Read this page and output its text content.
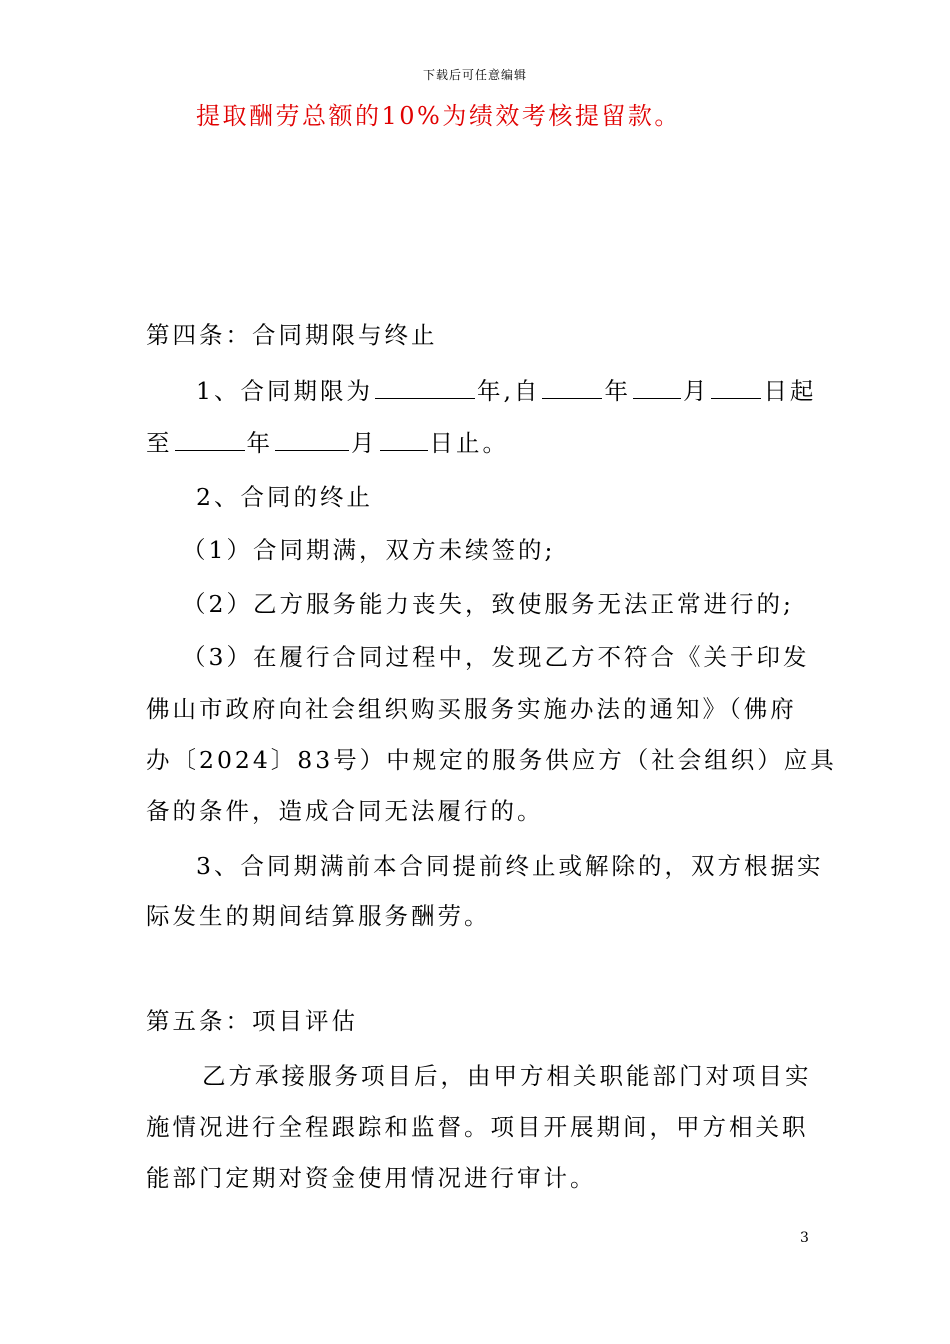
下载后可任意编辑
提取酬劳总额的10%为绩效考核提留款。
第四条：合同期限与终止
1、合同期限为	年,自	年 月 日起
至	年	月 日止。
2、合同的终止
（1）合同期满，双方未续签的;
（2）乙方服务能力丧失，致使服务无法正常进行的;
（3）在履行合同过程中，发现乙方不符合《关于印发
佛山市政府向社会组织购买服务实施办法的通知》（佛府
办〔2024〕83号）中规定的服务供应方（社会组织）应具
备的条件，造成合同无法履行的。
3、合同期满前本合同提前终止或解除的，双方根据实
际发生的期间结算服务酬劳。
第五条：项目评估
乙方承接服务项目后，由甲方相关职能部门对项目实
施情况进行全程跟踪和监督。项目开展期间，甲方相关职
能部门定期对资金使用情况进行审计。
3
